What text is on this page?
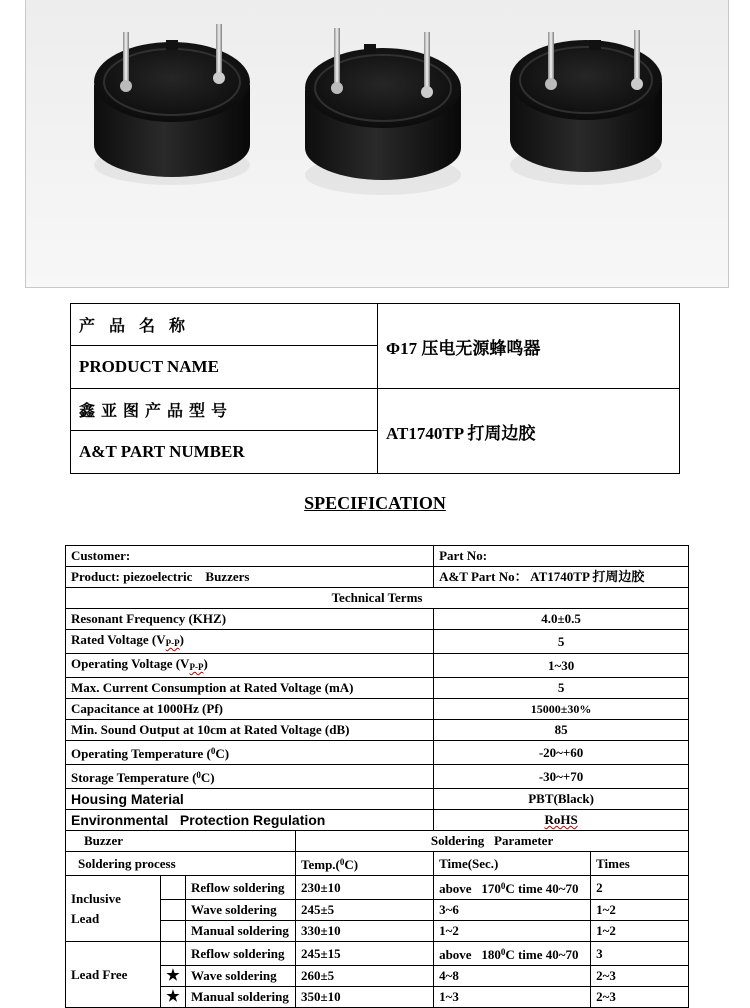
产品名称	Φ17 压电无源蜂鸣器
PRODUCT NAME	
鑫亚图产品型号	AT1740TP 打周边胶
A&T PART NUMBER	
SPECIFICATION
Customer:				Part No:	
Product: piezoelectric    Buzzers				A&T Part No： AT1740TP 打周边胶	
Technical Terms					
Resonant Frequency (KHZ)				4.0±0.5	
Rated Voltage $(V_{P-P})$				5	
Operating Voltage $(V_{P-P})$				1~30	
Max. Current Consumption at Rated Voltage (mA)				5	
Capacitance at 1000Hz (Pf)				15000±30%	
Min. Sound Output at 10cm at Rated Voltage (dB)				85	
Operating Temperature ($^0$C)				-20~+60	
Storage Temperature ($^0$C)				-30~+70	
Housing Material				PBT(Black)	
Environmental   Protection Regulation				RoHS	
Buzzer			Soldering   Parameter		
Soldering process			Temp.($^0$C)	Time(Sec.)	Times
Inclusive
Lead		Reflow soldering	230±10	above   $170^0C$ time 40~70	2
		Wave soldering	245±5	3~6	1~2
		Manual soldering	330±10	1~2	1~2
Lead Free		Reflow soldering	245±15	above   $180^0C$ time 40~70	3
	★	Wave soldering	260±5	4~8	2~3
	★	Manual soldering	350±10	1~3	2~3
